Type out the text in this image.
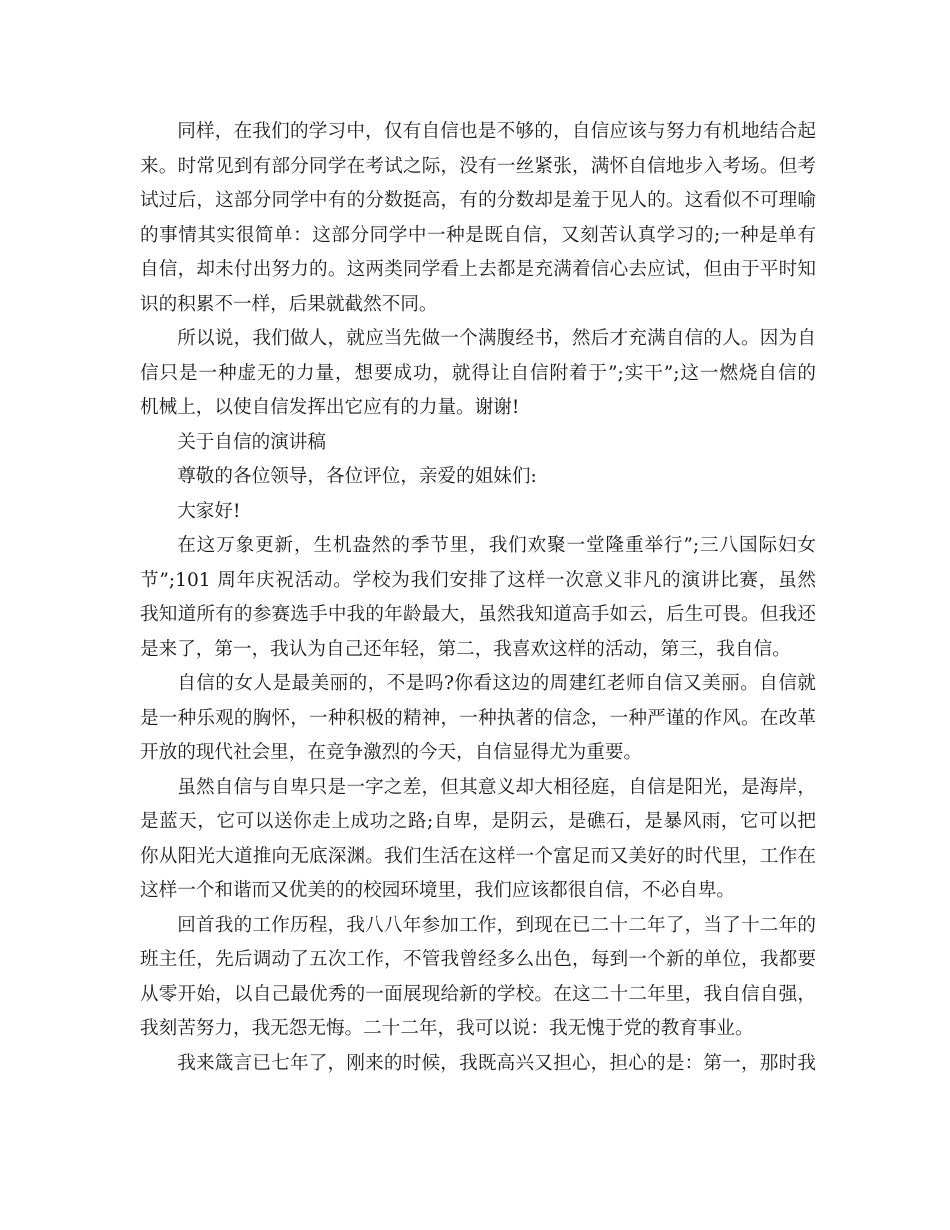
同样，在我们的学习中，仅有自信也是不够的，自信应该与努力有机地结合起
来。时常见到有部分同学在考试之际，没有一丝紧张，满怀自信地步入考场。但考
试过后，这部分同学中有的分数挺高，有的分数却是羞于见人的。这看似不可理喻
的事情其实很简单：这部分同学中一种是既自信，又刻苦认真学习的;一种是单有
自信，却未付出努力的。这两类同学看上去都是充满着信心去应试，但由于平时知
识的积累不一样，后果就截然不同。
所以说，我们做人，就应当先做一个满腹经书，然后才充满自信的人。因为自
信只是一种虚无的力量，想要成功，就得让自信附着于”;实干”;这一燃烧自信的
机械上，以使自信发挥出它应有的力量。谢谢!
关于自信的演讲稿
尊敬的各位领导，各位评位，亲爱的姐妹们:
大家好!
在这万象更新，生机盎然的季节里，我们欢聚一堂隆重举行”;三八国际妇女
节”;101 周年庆祝活动。学校为我们安排了这样一次意义非凡的演讲比赛，虽然
我知道所有的参赛选手中我的年龄最大，虽然我知道高手如云，后生可畏。但我还
是来了，第一，我认为自己还年轻，第二，我喜欢这样的活动，第三，我自信。
自信的女人是最美丽的，不是吗?你看这边的周建红老师自信又美丽。自信就
是一种乐观的胸怀，一种积极的精神，一种执著的信念，一种严谨的作风。在改革
开放的现代社会里，在竞争激烈的今天，自信显得尤为重要。
虽然自信与自卑只是一字之差，但其意义却大相径庭，自信是阳光，是海岸，
是蓝天，它可以送你走上成功之路;自卑，是阴云，是礁石，是暴风雨，它可以把
你从阳光大道推向无底深渊。我们生活在这样一个富足而又美好的时代里，工作在
这样一个和谐而又优美的的校园环境里，我们应该都很自信，不必自卑。
回首我的工作历程，我八八年参加工作，到现在已二十二年了，当了十二年的
班主任，先后调动了五次工作，不管我曾经多么出色，每到一个新的单位，我都要
从零开始，以自己最优秀的一面展现给新的学校。在这二十二年里，我自信自强，
我刻苦努力，我无怨无悔。二十二年，我可以说：我无愧于党的教育事业。
我来箴言已七年了，刚来的时候，我既高兴又担心，担心的是：第一，那时我
